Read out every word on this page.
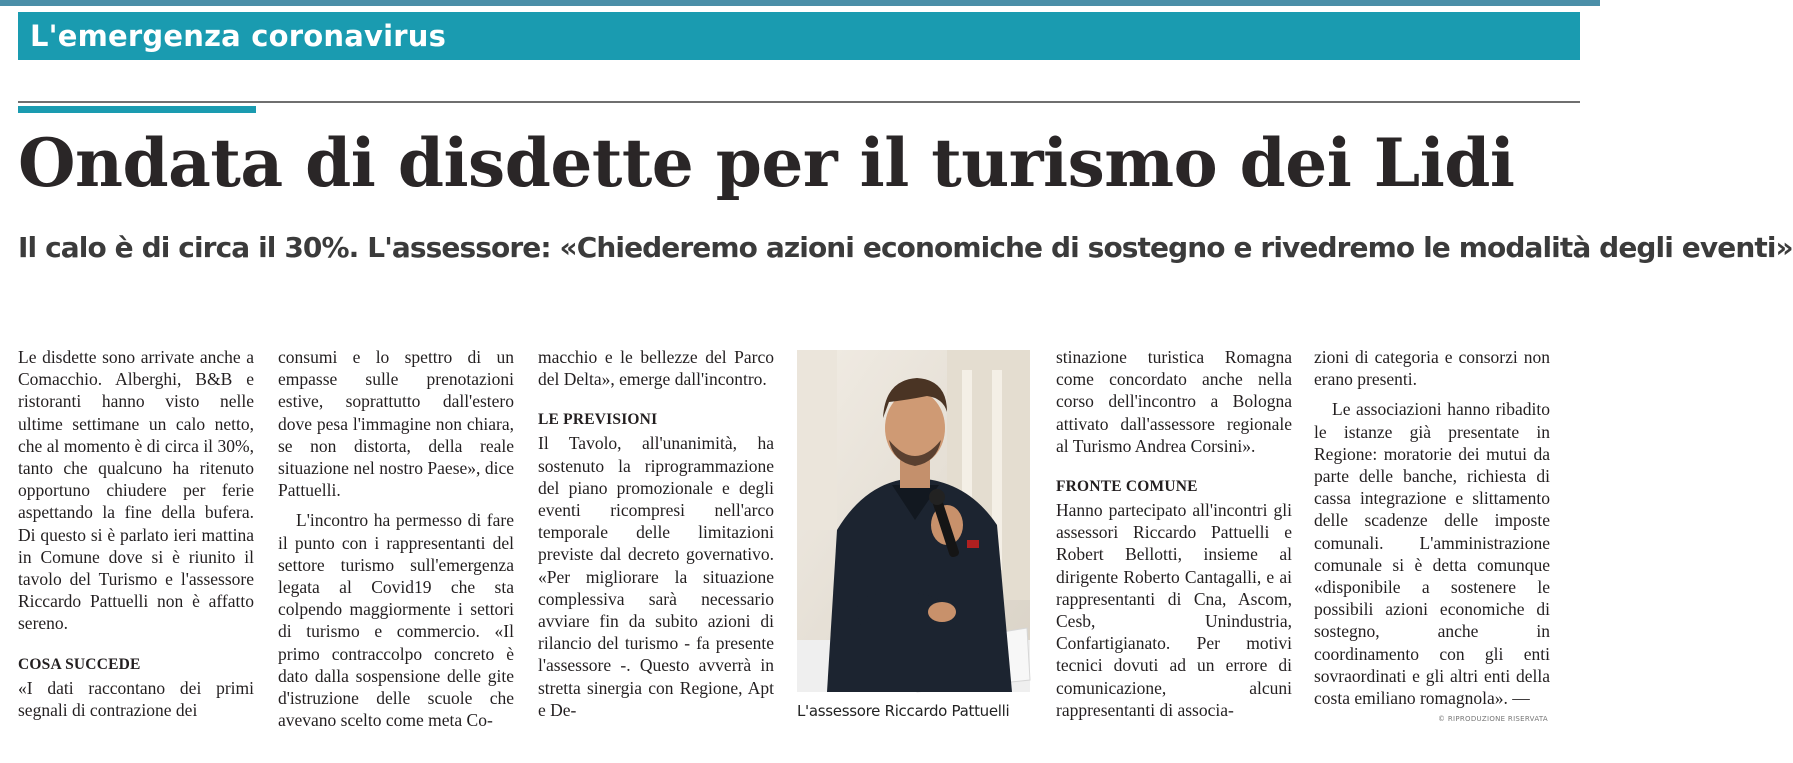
L'emergenza coronavirus
Ondata di disdette per il turismo dei Lidi
Il calo è di circa il 30%. L'assessore: «Chiederemo azioni economiche di sostegno e rivedremo le modalità degli eventi»

Le disdette sono arrivate anche a Comacchio. Alberghi, B&B e ristoranti hanno visto nelle ultime settimane un calo netto, che al momento è di circa il 30%, tanto che qualcuno ha ritenuto opportuno chiudere per ferie aspettando la fine della bufera. Di questo si è parlato ieri mattina in Comune dove si è riunito il tavolo del Turismo e l'assessore Riccardo Pattuelli non è affatto sereno.

COSA SUCCEDE

«I dati raccontano dei primi segnali di contrazione dei

consumi e lo spettro di un empasse sulle prenotazioni estive, soprattutto dall'estero dove pesa l'immagine non chiara, se non distorta, della reale situazione nel nostro Paese», dice Pattuelli.

L'incontro ha permesso di fare il punto con i rappresentanti del settore turismo sull'emergenza legata al Covid19 che sta colpendo maggiormente i settori di turismo e commercio. «Il primo contraccolpo concreto è dato dalla sospensione delle gite d'istruzione delle scuole che avevano scelto come meta Co-

macchio e le bellezze del Parco del Delta», emerge dall'incontro.

LE PREVISIONI

Il Tavolo, all'unanimità, ha sostenuto la riprogrammazione del piano promozionale e degli eventi ricompresi nell'arco temporale delle limitazioni previste dal decreto governativo. «Per migliorare la situazione complessiva sarà necessario avviare fin da subito azioni di rilancio del turismo - fa presente l'assessore -. Questo avverrà in stretta sinergia con Regione, Apt e De-	L'assessore Riccardo Pattuelli

stinazione turistica Romagna come concordato anche nella corso dell'incontro a Bologna attivato dall'assessore regionale al Turismo Andrea Corsini».

FRONTE COMUNE

Hanno partecipato all'incontri gli assessori Riccardo Pattuelli e Robert Bellotti, insieme al dirigente Roberto Cantagalli, e ai rappresentanti di Cna, Ascom, Cesb, Unindustria, Confartigianato. Per motivi tecnici dovuti ad un errore di comunicazione, alcuni rappresentanti di associa-

zioni di categoria e consorzi non erano presenti.

Le associazioni hanno ribadito le istanze già presentate in Regione: moratorie dei mutui da parte delle banche, richiesta di cassa integrazione e slittamento delle scadenze delle imposte comunali. L'amministrazione comunale si è detta comunque «disponibile a sostenere le possibili azioni economiche di sostegno, anche in coordinamento con gli enti sovraordinati e gli altri enti della costa emiliano romagnola». —

© RIPRODUZIONE RISERVATA
